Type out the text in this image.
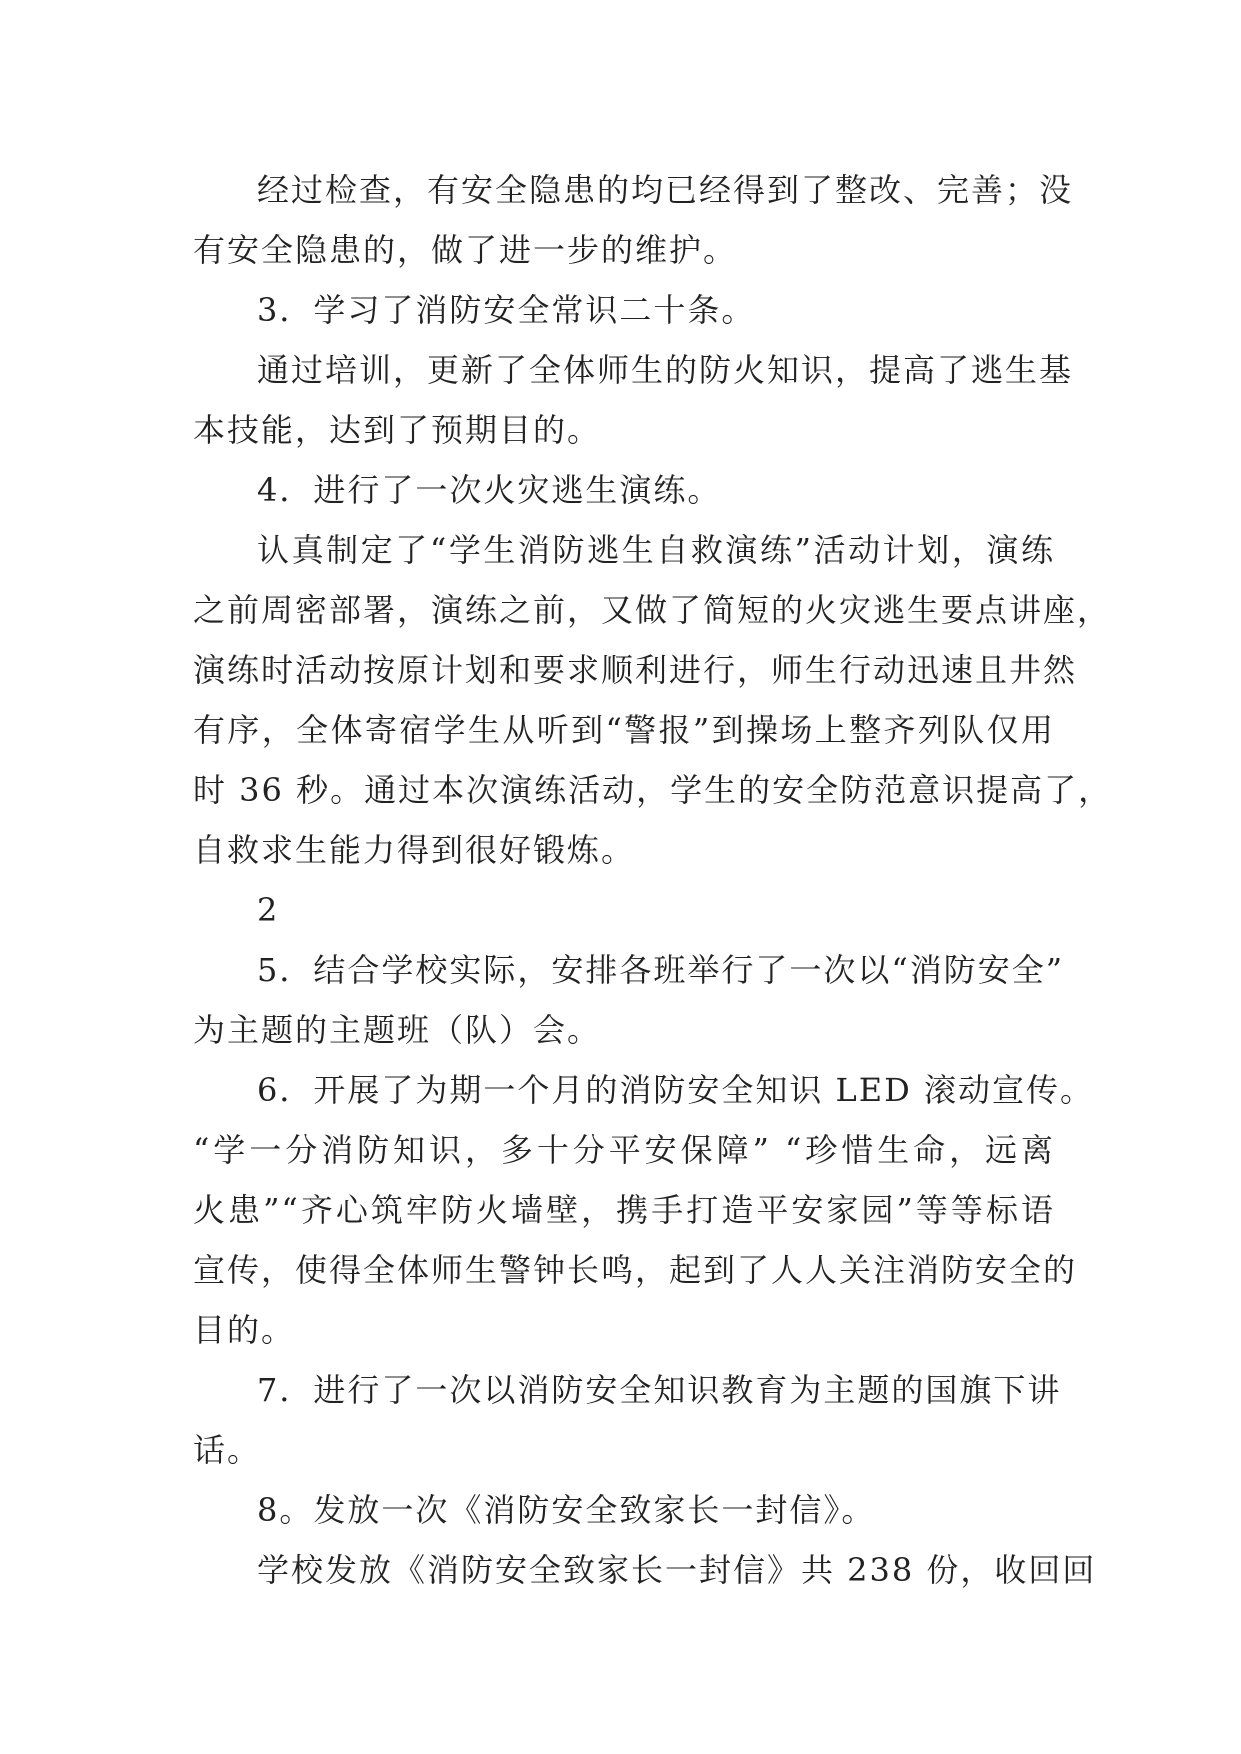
经过检查，有安全隐患的均已经得到了整改、完善；没
有安全隐患的，做了进一步的维护。
3．学习了消防安全常识二十条。
通过培训，更新了全体师生的防火知识，提高了逃生基
本技能，达到了预期目的。
4．进行了一次火灾逃生演练。
认真制定了“学生消防逃生自救演练”活动计划，演练
之前周密部署，演练之前，又做了简短的火灾逃生要点讲座，
演练时活动按原计划和要求顺利进行，师生行动迅速且井然
有序，全体寄宿学生从听到“警报”到操场上整齐列队仅用
时 36 秒。通过本次演练活动，学生的安全防范意识提高了，
自救求生能力得到很好锻炼。
2
5．结合学校实际，安排各班举行了一次以“消防安全”
为主题的主题班（队）会。
6．开展了为期一个月的消防安全知识 LED 滚动宣传。
“学一分消防知识，多十分平安保障” “珍惜生命，远离
火患”“齐心筑牢防火墙壁，携手打造平安家园”等等标语
宣传，使得全体师生警钟长鸣，起到了人人关注消防安全的
目的。
7．进行了一次以消防安全知识教育为主题的国旗下讲
话。
8。发放一次《消防安全致家长一封信》。
学校发放《消防安全致家长一封信》共 238 份，收回回
